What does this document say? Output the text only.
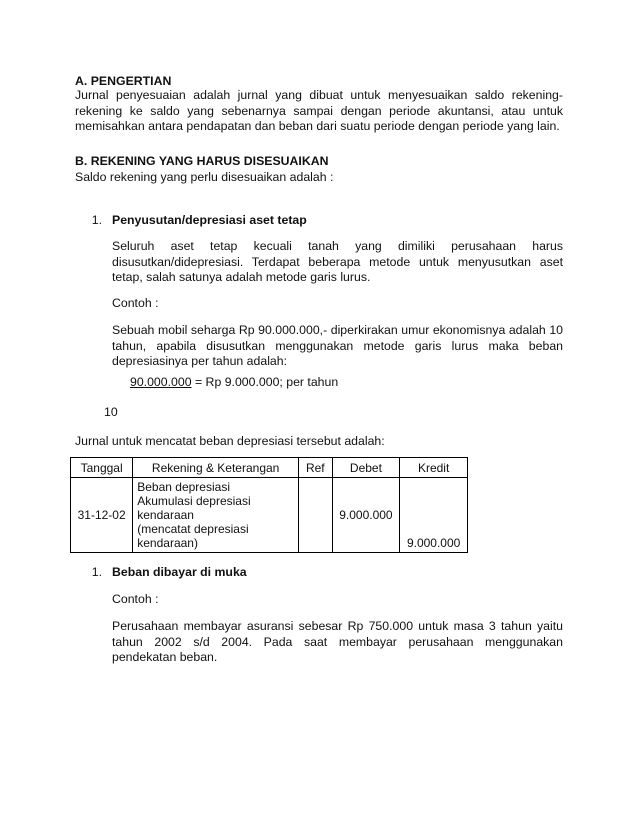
A. PENGERTIAN
Jurnal penyesuaian adalah jurnal yang dibuat untuk menyesuaikan saldo rekening-rekening ke saldo yang sebenarnya sampai dengan periode akuntansi, atau untuk memisahkan antara pendapatan dan beban dari suatu periode dengan periode yang lain.
B. REKENING YANG HARUS DISESUAIKAN
Saldo rekening yang perlu disesuaikan adalah :
1. Penyusutan/depresiasi aset tetap
Seluruh aset tetap kecuali tanah yang dimiliki perusahaan harus disusutkan/didepresiasi. Terdapat beberapa metode untuk menyusutkan aset tetap, salah satunya adalah metode garis lurus.
Contoh :
Sebuah mobil seharga Rp 90.000.000,- diperkirakan umur ekonomisnya adalah 10 tahun, apabila disusutkan menggunakan metode garis lurus maka beban depresiasinya per tahun adalah:
90.000.000 = Rp 9.000.000; per tahun
10
Jurnal untuk mencatat beban depresiasi tersebut adalah:
Tanggal	Rekening & Keterangan	Ref	Debet	Kredit
31-12-02	Beban depresiasi
Akumulasi depresiasi kendaraan
(mencatat depresiasi kendaraan)		9.000.000	9.000.000
1. Beban dibayar di muka
Contoh :
Perusahaan membayar asuransi sebesar Rp 750.000 untuk masa 3 tahun yaitu tahun 2002 s/d 2004. Pada saat membayar perusahaan menggunakan pendekatan beban.
